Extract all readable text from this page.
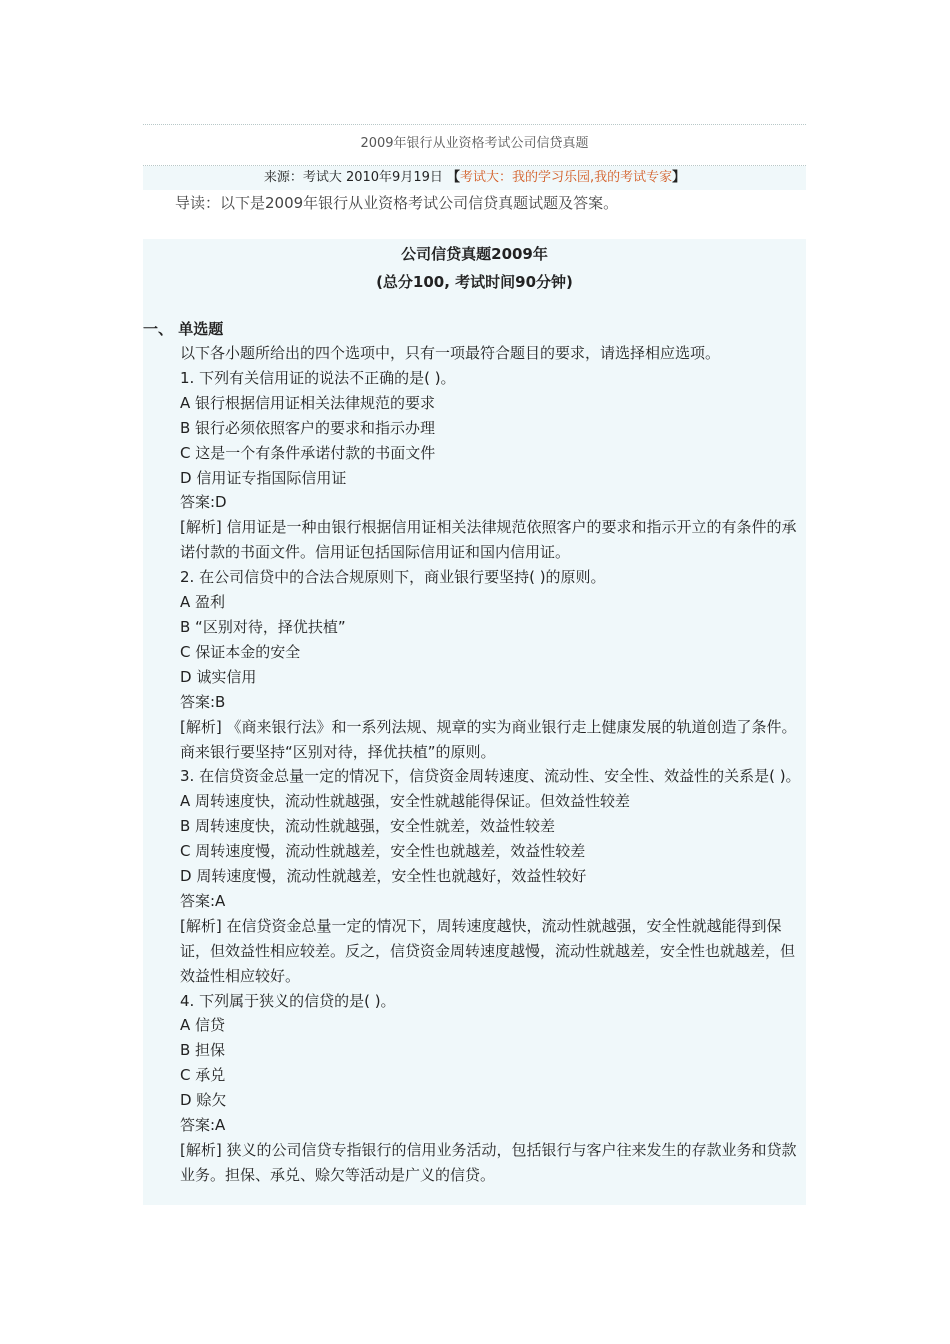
2009年银行从业资格考试公司信贷真题
来源：考试大 2010年9月19日 【考试大：我的学习乐园,我的考试专家】
导读：以下是2009年银行从业资格考试公司信贷真题试题及答案。
公司信贷真题2009年
(总分100, 考试时间90分钟)
一、 单选题
以下各小题所给出的四个选项中，只有一项最符合题目的要求，请选择相应选项。
1. 下列有关信用证的说法不正确的是( )。
A 银行根据信用证相关法律规范的要求
B 银行必须依照客户的要求和指示办理
C 这是一个有条件承诺付款的书面文件
D 信用证专指国际信用证
答案:D
[解析] 信用证是一种由银行根据信用证相关法律规范依照客户的要求和指示开立的有条件的承诺付款的书面文件。信用证包括国际信用证和国内信用证。
2. 在公司信贷中的合法合规原则下，商业银行要坚持( )的原则。
A 盈利
B “区别对待，择优扶植”
C 保证本金的安全
D 诚实信用
答案:B
[解析] 《商来银行法》和一系列法规、规章的实为商业银行走上健康发展的轨道创造了条件。商来银行要坚持“区别对待，择优扶植”的原则。
3. 在信贷资金总量一定的情况下，信贷资金周转速度、流动性、安全性、效益性的关系是( )。
A 周转速度快，流动性就越强，安全性就越能得保证。但效益性较差
B 周转速度快，流动性就越强，安全性就差，效益性较差
C 周转速度慢，流动性就越差，安全性也就越差，效益性较差
D 周转速度慢，流动性就越差，安全性也就越好，效益性较好
答案:A
[解析] 在信贷资金总量一定的情况下，周转速度越快，流动性就越强，安全性就越能得到保证，但效益性相应较差。反之，信贷资金周转速度越慢，流动性就越差，安全性也就越差，但效益性相应较好。
4. 下列属于狭义的信贷的是( )。
A 信贷
B 担保
C 承兑
D 赊欠
答案:A
[解析] 狭义的公司信贷专指银行的信用业务活动，包括银行与客户往来发生的存款业务和贷款业务。担保、承兑、赊欠等活动是广义的信贷。
